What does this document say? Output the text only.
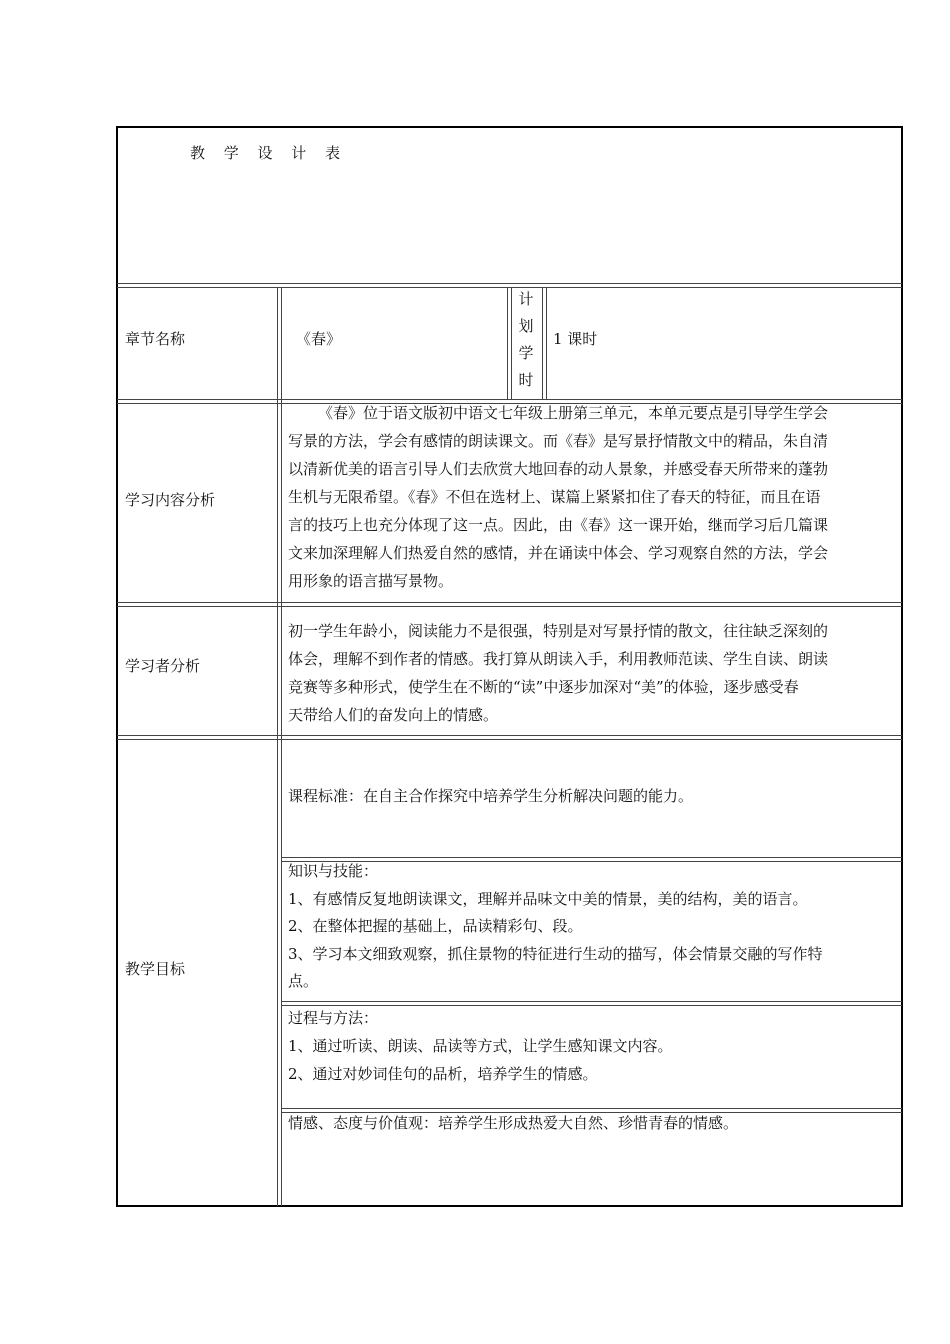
教 学 设 计 表
章节名称	《春》
计
划
学
时
1 课时
学习内容分析
《春》位于语文版初中语文七年级上册第三单元，本单元要点是引导学生学会
写景的方法，学会有感情的朗读课文。而《春》是写景抒情散文中的精品，朱自清
以清新优美的语言引导人们去欣赏大地回春的动人景象，并感受春天所带来的蓬勃
生机与无限希望。《春》不但在选材上、谋篇上紧紧扣住了春天的特征，而且在语
言的技巧上也充分体现了这一点。因此，由《春》这一课开始，继而学习后几篇课
文来加深理解人们热爱自然的感情，并在诵读中体会、学习观察自然的方法，学会
用形象的语言描写景物。
学习者分析
初一学生年龄小，阅读能力不是很强，特别是对写景抒情的散文，往往缺乏深刻的
体会，理解不到作者的情感。我打算从朗读入手，利用教师范读、学生自读、朗读
竞赛等多种形式，使学生在不断的“读”中逐步加深对“美”的体验，逐步感受春
天带给人们的奋发向上的情感。
教学目标
课程标准：在自主合作探究中培养学生分析解决问题的能力。
知识与技能：
1、有感情反复地朗读课文，理解并品味文中美的情景，美的结构，美的语言。
2、在整体把握的基础上，品读精彩句、段。
3、学习本文细致观察，抓住景物的特征进行生动的描写，体会情景交融的写作特
点。
过程与方法：
1、通过听读、朗读、品读等方式，让学生感知课文内容。
2、通过对妙词佳句的品析，培养学生的情感。
情感、态度与价值观：培养学生形成热爱大自然、珍惜青春的情感。
